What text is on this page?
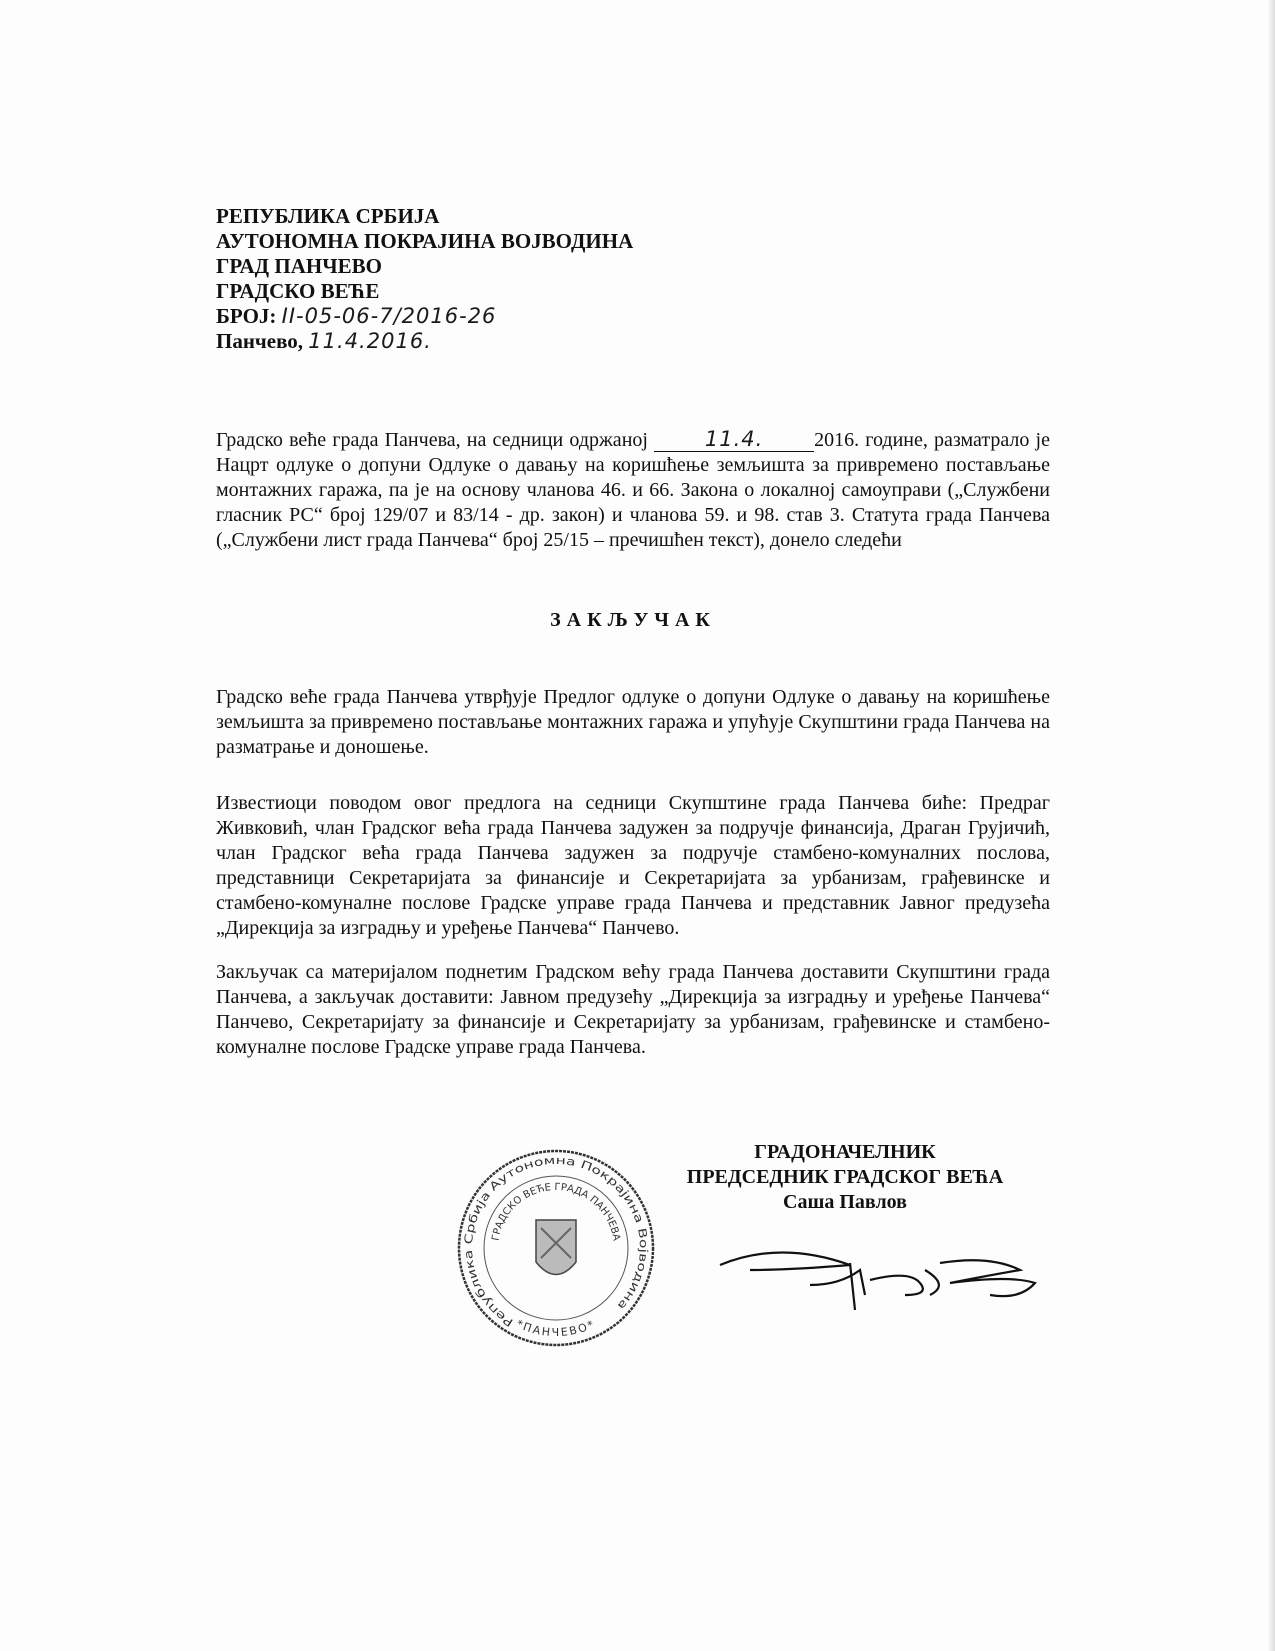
РЕПУБЛИКА СРБИЈА
АУТОНОМНА ПОКРАЈИНА ВОЈВОДИНА
ГРАД ПАНЧЕВО
ГРАДСКО ВЕЋЕ
БРОЈ: II-05-06-7/2016-26
Панчево, 11.4.2016.

Градско веће града Панчева, на седници одржаној	11.4.	2016. године, разматрало је Нацрт одлуке о допуни Одлуке о давању на коришћење земљишта за привремено постављање монтажних гаража, па је на основу чланова 46. и 66. Закона о локалној самоуправи („Службени гласник РС“ број 129/07 и 83/14 - др. закон) и чланова 59. и 98. став 3. Статута града Панчева („Службени лист града Панчева“ број 25/15 – пречишћен текст), донело следећи

ЗАКЉУЧАК

Градско веће града Панчева утврђује Предлог одлуке о допуни Одлуке о давању на коришћење земљишта за привремено постављање монтажних гаража и упућује Скупштини града Панчева на разматрање и доношење.

Известиоци поводом овог предлога на седници Скупштине града Панчева биће: Предраг Живковић, члан Градског већа града Панчева задужен за подручје финансија, Драган Грујичић, члан Градског већа града Панчева задужен за подручје стамбено-комуналних послова, представници Секретаријата за финансије и Секретаријата за урбанизам, грађевинске и стамбено-комуналне послове Градске управе града Панчева и представник Јавног предузећа „Дирекција за изградњу и уређење Панчева“ Панчево.

Закључак са материјалом поднетим Градском већу града Панчева доставити Скупштини града Панчева, а закључак доставити: Јавном предузећу „Дирекција за изградњу и уређење Панчева“ Панчево, Секретаријату за финансије и Секретаријату за урбанизам, грађевинске и стамбено-комуналне послове Градске управе града Панчева.

Република Србија Аутономна Покрајина Војводина
ГРАДСКО ВЕЋЕ ГРАДА ПАНЧЕВА
*ПАНЧЕВО*
ГРАДОНАЧЕЛНИК
ПРЕДСЕДНИК ГРАДСКОГ ВЕЋА
Саша Павлов
